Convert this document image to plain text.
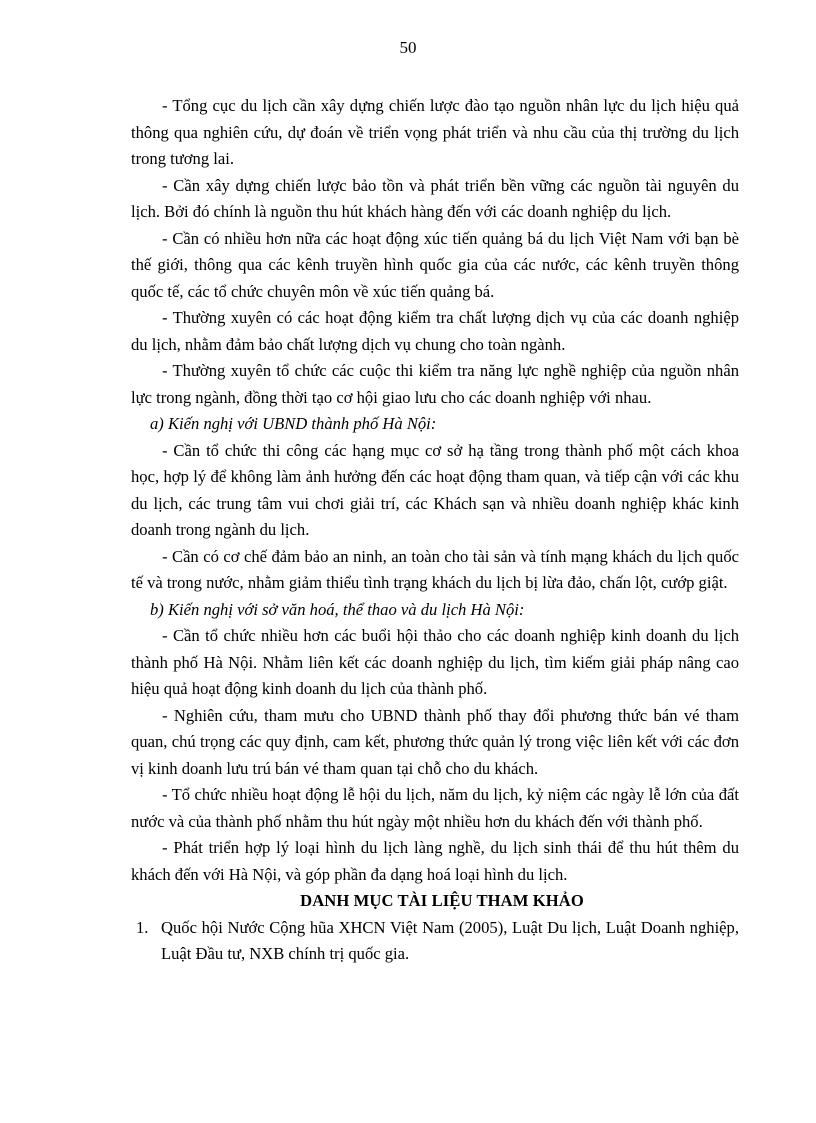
50

- Tổng cục du lịch cần xây dựng chiến lược đào tạo nguồn nhân lực du lịch hiệu quả thông qua nghiên cứu, dự đoán về triển vọng phát triển và nhu cầu của thị trường du lịch trong tương lai.

- Cần xây dựng chiến lược bảo tồn và phát triển bền vững các nguồn tài nguyên du lịch. Bởi đó chính là nguồn thu hút khách hàng đến với các doanh nghiệp du lịch.

- Cần có nhiều hơn nữa các hoạt động xúc tiến quảng bá du lịch Việt Nam với bạn bè thế giới, thông qua các kênh truyền hình quốc gia của các nước, các kênh truyền thông quốc tế, các tổ chức chuyên môn về xúc tiến quảng bá.

- Thường xuyên có các hoạt động kiểm tra chất lượng dịch vụ của các doanh nghiệp du lịch, nhằm đảm bảo chất lượng dịch vụ chung cho toàn ngành.

- Thường xuyên tổ chức các cuộc thi kiểm tra năng lực nghề nghiệp của nguồn nhân lực trong ngành, đồng thời tạo cơ hội giao lưu cho các doanh nghiệp với nhau.

a) Kiến nghị với UBND thành phố Hà Nội:

- Cần tổ chức thi công các hạng mục cơ sở hạ tầng trong thành phố một cách khoa học, hợp lý để không làm ảnh hưởng đến các hoạt động tham quan, và tiếp cận với các khu du lịch, các trung tâm vui chơi giải trí, các Khách sạn và nhiều doanh nghiệp khác kinh doanh trong ngành du lịch.

- Cần có cơ chế đảm bảo an ninh, an toàn cho tài sản và tính mạng khách du lịch quốc tế và trong nước, nhằm giảm thiểu tình trạng khách du lịch bị lừa đảo, chấn lột, cướp giật.

b) Kiến nghị với sở văn hoá, thể thao và du lịch Hà Nội:

- Cần tổ chức nhiều hơn các buổi hội thảo cho các doanh nghiệp kinh doanh du lịch thành phố Hà Nội. Nhằm liên kết các doanh nghiệp du lịch, tìm kiếm giải pháp nâng cao hiệu quả hoạt động kinh doanh du lịch của thành phố.

- Nghiên cứu, tham mưu cho UBND thành phố thay đổi phương thức bán vé tham quan, chú trọng các quy định, cam kết, phương thức quản lý trong việc liên kết với các đơn vị kinh doanh lưu trú bán vé tham quan tại chỗ cho du khách.

- Tổ chức nhiều hoạt động lễ hội du lịch, năm du lịch, kỷ niệm các ngày lễ lớn của đất nước và của thành phố nhằm thu hút ngày một nhiều hơn du khách đến với thành phố.

- Phát triển hợp lý loại hình du lịch làng nghề, du lịch sinh thái để thu hút thêm du khách đến với Hà Nội, và góp phần đa dạng hoá loại hình du lịch.

DANH MỤC TÀI LIỆU THAM KHẢO

1. Quốc hội Nước Cộng hũa XHCN Việt Nam (2005), Luật Du lịch, Luật Doanh nghiệp, Luật Đầu tư, NXB chính trị quốc gia.
